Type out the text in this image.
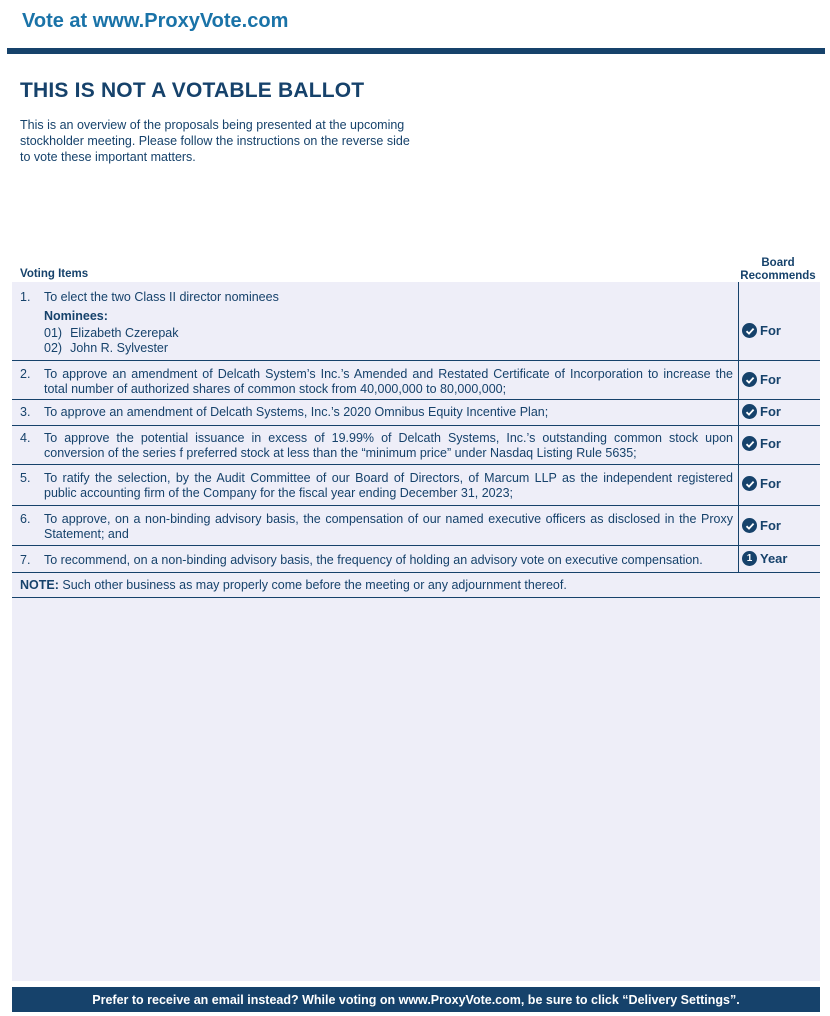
Vote at www.ProxyVote.com
THIS IS NOT A VOTABLE BALLOT
This is an overview of the proposals being presented at the upcoming stockholder meeting. Please follow the instructions on the reverse side to vote these important matters.
Voting Items
Board
Recommends
1. To elect the two Class II director nominees
Nominees:
01) Elizabeth Czerepak
02) John R. Sylvester
For
2. To approve an amendment of Delcath System’s Inc.’s Amended and Restated Certificate of Incorporation to increase the total number of authorized shares of common stock from 40,000,000 to 80,000,000;
For
3. To approve an amendment of Delcath Systems, Inc.’s 2020 Omnibus Equity Incentive Plan;	For
4. To approve the potential issuance in excess of 19.99% of Delcath Systems, Inc.’s outstanding common stock upon conversion of the series f preferred stock at less than the “minimum price” under Nasdaq Listing Rule 5635;
For
5. To ratify the selection, by the Audit Committee of our Board of Directors, of Marcum LLP as the independent registered public accounting firm of the Company for the fiscal year ending December 31, 2023;
For
6. To approve, on a non-binding advisory basis, the compensation of our named executive officers as disclosed in the Proxy Statement; and
For
7. To recommend, on a non-binding advisory basis, the frequency of holding an advisory vote on executive compensation.	1 Year
NOTE: Such other business as may properly come before the meeting or any adjournment thereof.
Prefer to receive an email instead? While voting on www.ProxyVote.com, be sure to click “Delivery Settings”.
